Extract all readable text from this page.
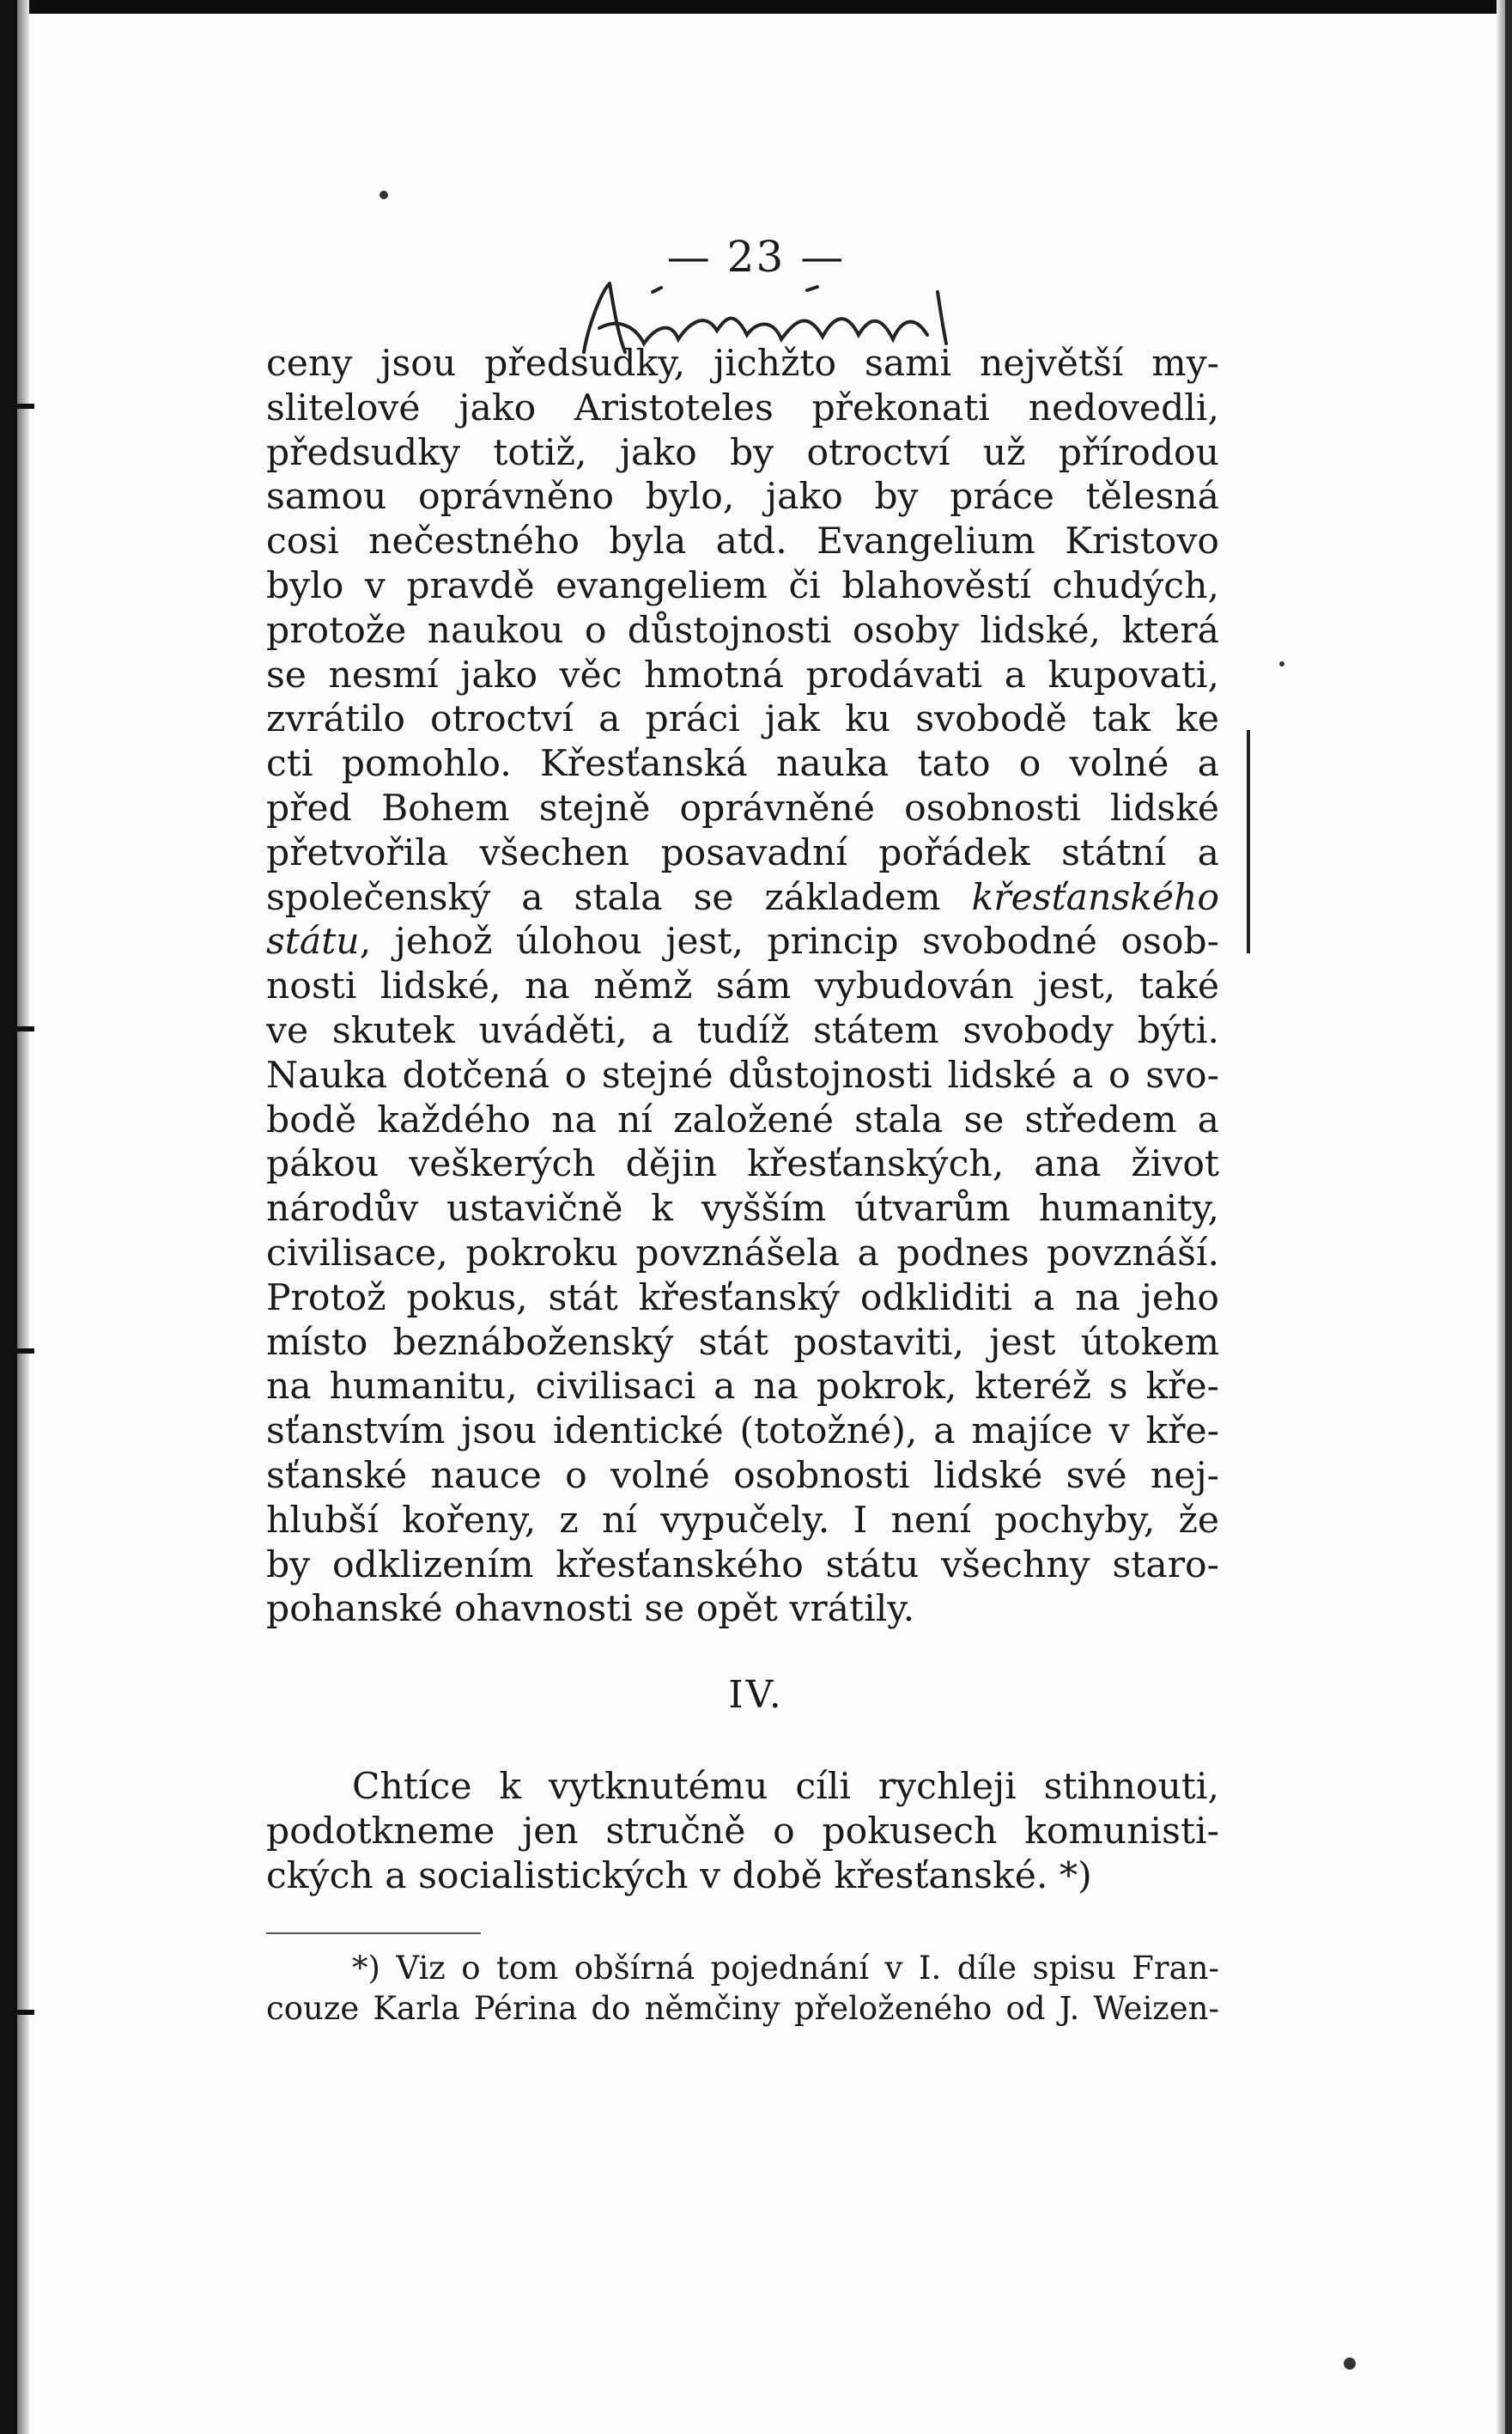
— 23 —
ceny jsou předsudky, jichžto sami největší my-
slitelové jako Aristoteles překonati nedovedli,
předsudky totiž, jako by otroctví už přírodou
samou oprávněno bylo, jako by práce tělesná
cosi nečestného byla atd. Evangelium Kristovo
bylo v pravdě evangeliem či blahověstí chudých,
protože naukou o důstojnosti osoby lidské, která
se nesmí jako věc hmotná prodávati a kupovati,
zvrátilo otroctví a práci jak ku svobodě tak ke
cti pomohlo. Křesťanská nauka tato o volné a
před Bohem stejně oprávněné osobnosti lidské
přetvořila všechen posavadní pořádek státní a
společenský a stala se základem křesťanského
státu, jehož úlohou jest, princip svobodné osob-
nosti lidské, na němž sám vybudován jest, také
ve skutek uváděti, a tudíž státem svobody býti.
Nauka dotčená o stejné důstojnosti lidské a o svo-
bodě každého na ní založené stala se středem a
pákou veškerých dějin křesťanských, ana život
národův ustavičně k vyšším útvarům humanity,
civilisace, pokroku povznášela a podnes povznáší.
Protož pokus, stát křesťanský odkliditi a na jeho
místo beznáboženský stát postaviti, jest útokem
na humanitu, civilisaci a na pokrok, kteréž s kře-
sťanstvím jsou identické (totožné), a majíce v kře-
sťanské nauce o volné osobnosti lidské své nej-
hlubší kořeny, z ní vypučely. I není pochyby, že
by odklizením křesťanského státu všechny staro-
pohanské ohavnosti se opět vrátily.
IV.
Chtíce k vytknutému cíli rychleji stihnouti,
podotkneme jen stručně o pokusech komunisti-
ckých a socialistických v době křesťanské. *)
*) Viz o tom obšírná pojednání v I. díle spisu Fran-
couze Karla Périna do němčiny přeloženého od J. Weizen-
